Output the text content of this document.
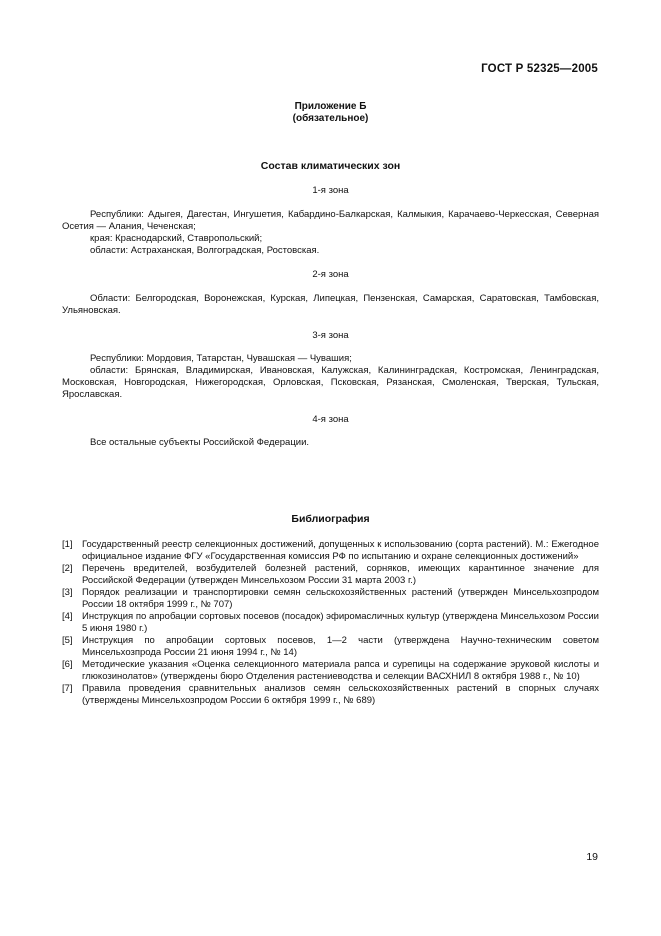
ГОСТ Р 52325—2005
Приложение Б
(обязательное)
Состав климатических зон
1-я зона

Республики: Адыгея, Дагестан, Ингушетия, Кабардино-Балкарская, Калмыкия, Карачаево-Черкесская, Северная Осетия — Алания, Чеченская;

края: Краснодарский, Ставропольский;

области: Астраханская, Волгоградская, Ростовская.

2-я зона

Области: Белгородская, Воронежская, Курская, Липецкая, Пензенская, Самарская, Саратовская, Тамбовская, Ульяновская.

3-я зона

Республики: Мордовия, Татарстан, Чувашская — Чувашия;

области: Брянская, Владимирская, Ивановская, Калужская, Калининградская, Костромская, Ленинградская, Московская, Новгородская, Нижегородская, Орловская, Псковская, Рязанская, Смоленская, Тверская, Тульская, Ярославская.

4-я зона

Все остальные субъекты Российской Федерации.

Библиография
[1] Государственный реестр селекционных достижений, допущенных к использованию (сорта растений). М.: Ежегодное официальное издание ФГУ «Государственная комиссия РФ по испытанию и охране селекционных достижений»
[2] Перечень вредителей, возбудителей болезней растений, сорняков, имеющих карантинное значение для Российской Федерации (утвержден Минсельхозом России 31 марта 2003 г.)
[3] Порядок реализации и транспортировки семян сельскохозяйственных растений (утвержден Минсельхозпродом России 18 октября 1999 г., № 707)
[4] Инструкция по апробации сортовых посевов (посадок) эфиромасличных культур (утверждена Минсельхозом России 5 июня 1980 г.)
[5] Инструкция по апробации сортовых посевов, 1—2 части (утверждена Научно-техническим советом Минсельхозпрода России 21 июня 1994 г., № 14)
[6] Методические указания «Оценка селекционного материала рапса и сурепицы на содержание эруковой кислоты и глюкозинолатов» (утверждены бюро Отделения растениеводства и селекции ВАСХНИЛ 8 октября 1988 г., № 10)
[7] Правила проведения сравнительных анализов семян сельскохозяйственных растений в спорных случаях (утверждены Минсельхозпродом России 6 октября 1999 г., № 689)
19
